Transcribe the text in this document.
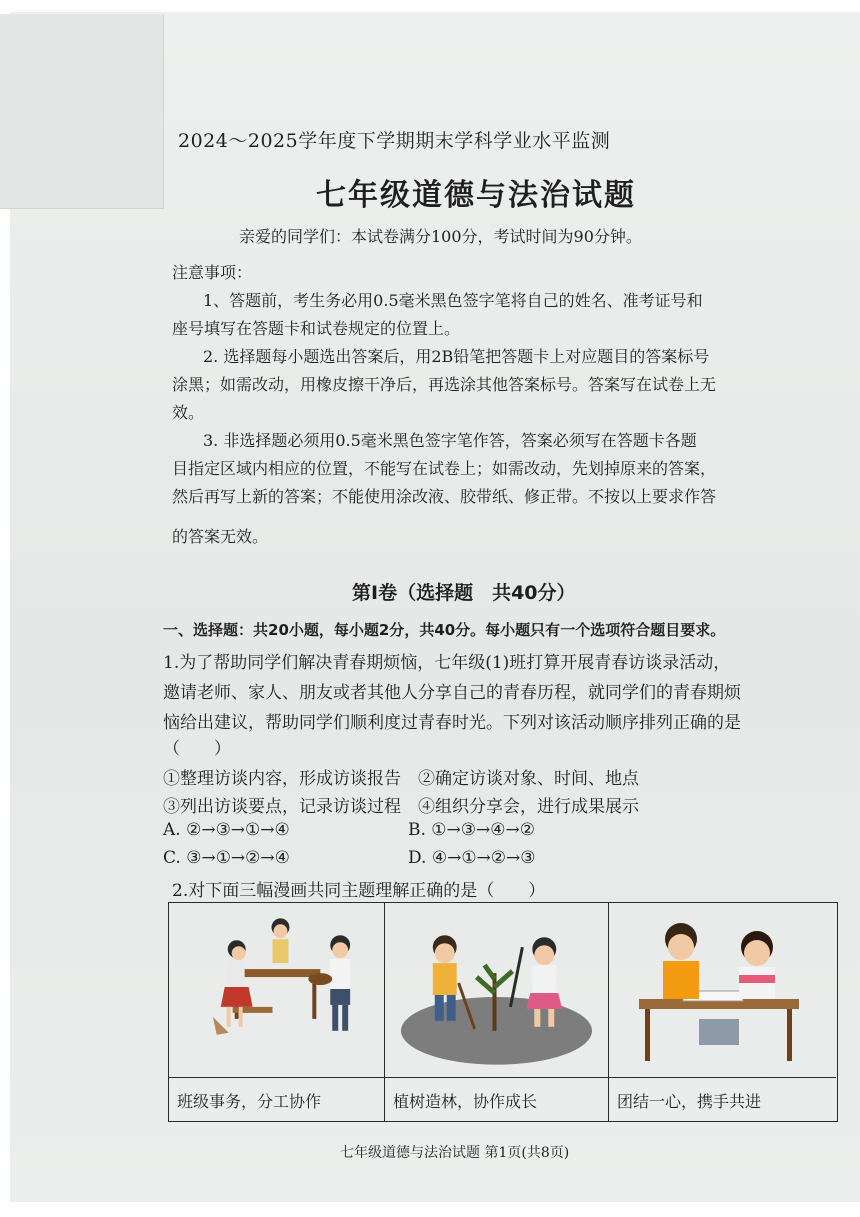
2024～2025学年度下学期期末学科学业水平监测
七年级道德与法治试题
亲爱的同学们：本试卷满分100分，考试时间为90分钟。
注意事项：
1、答题前，考生务必用0.5毫米黑色签字笔将自己的姓名、准考证号和
座号填写在答题卡和试卷规定的位置上。
2. 选择题每小题选出答案后，用2B铅笔把答题卡上对应题目的答案标号
涂黑；如需改动，用橡皮擦干净后，再选涂其他答案标号。答案写在试卷上无
效。
3. 非选择题必须用0.5毫米黑色签字笔作答，答案必须写在答题卡各题
目指定区域内相应的位置，不能写在试卷上；如需改动，先划掉原来的答案，
然后再写上新的答案；不能使用涂改液、胶带纸、修正带。不按以上要求作答
的答案无效。
第Ⅰ卷（选择题　共40分）
一、选择题：共20小题，每小题2分，共40分。每小题只有一个选项符合题目要求。
1.为了帮助同学们解决青春期烦恼，七年级(1)班打算开展青春访谈录活动，
邀请老师、家人、朋友或者其他人分享自己的青春历程，就同学们的青春期烦
恼给出建议，帮助同学们顺利度过青春时光。下列对该活动顺序排列正确的是
（　　）
①整理访谈内容，形成访谈报告　②确定访谈对象、时间、地点
③列出访谈要点，记录访谈过程　④组织分享会，进行成果展示
A. ②→③→①→④	B. ①→③→④→②
C. ③→①→②→④	D. ④→①→②→③
2.对下面三幅漫画共同主题理解正确的是（　　）
班级事务，分工协作	植树造林，协作成长	团结一心，携手共进
七年级道德与法治试题 第1页(共8页)
